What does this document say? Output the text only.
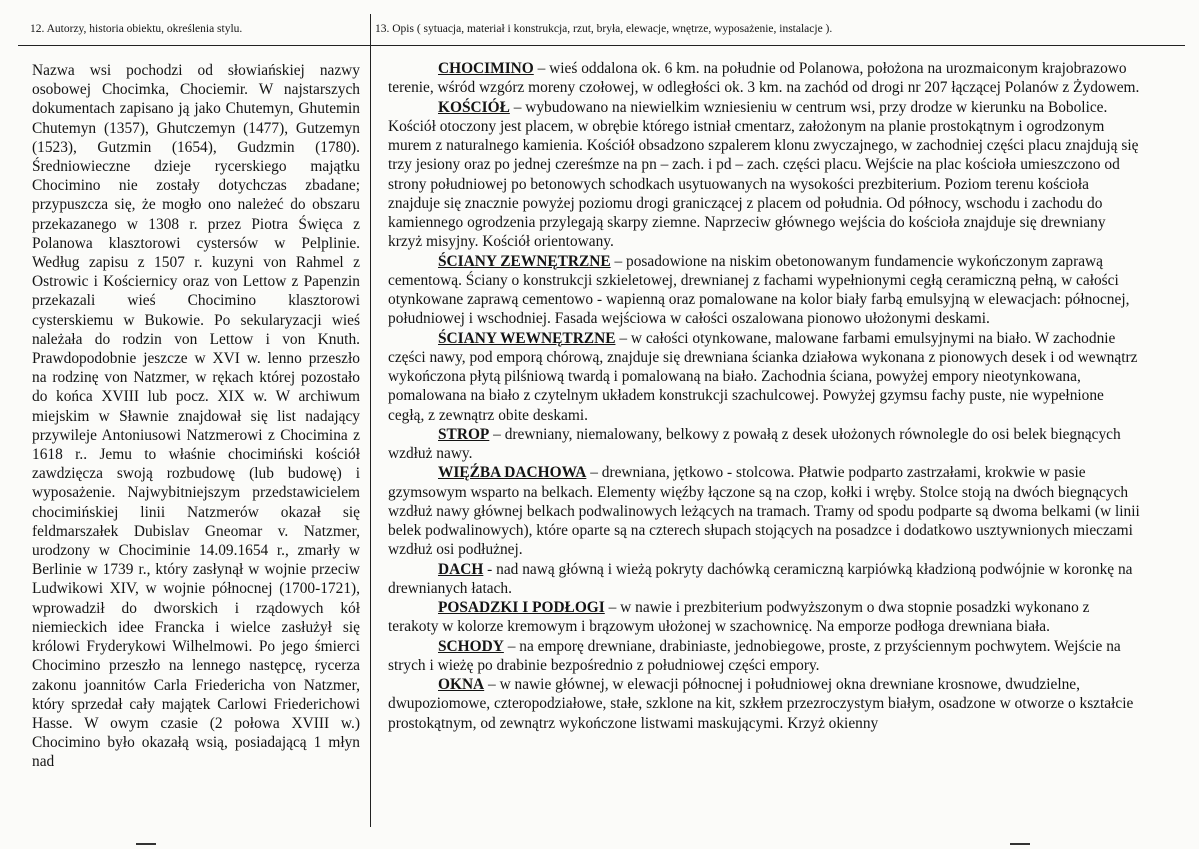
12. Autorzy, historia obiektu, określenia stylu.	13. Opis ( sytuacja, materiał i konstrukcja, rzut, bryła, elewacje, wnętrze, wyposażenie, instalacje ).

Nazwa wsi pochodzi od słowiańskiej nazwy osobowej Chocimka, Chociemir. W najstarszych dokumentach zapisano ją jako Chutemyn, Ghutemin Chutemyn (1357), Ghutczemyn (1477), Gutzemyn (1523), Gutzmin (1654), Gudzmin (1780). Średniowieczne dzieje rycerskiego majątku Chocimino nie zostały dotychczas zbadane; przypuszcza się, że mogło ono należeć do obszaru przekazanego w 1308 r. przez Piotra Święca z Polanowa klasztorowi cystersów w Pelplinie. Według zapisu z 1507 r. kuzyni von Rahmel z Ostrowic i Kościernicy oraz von Lettow z Papenzin przekazali wieś Chocimino klasztorowi cysterskiemu w Bukowie. Po sekularyzacji wieś należała do rodzin von Lettow i von Knuth. Prawdopodobnie jeszcze w XVI w. lenno przeszło na rodzinę von Natzmer, w rękach której pozostało do końca XVIII lub pocz. XIX w. W archiwum miejskim w Sławnie znajdował się list nadający przywileje Antoniusowi Natzmerowi z Chocimina z 1618 r.. Jemu to właśnie chocimiński kościół zawdzięcza swoją rozbudowę (lub budowę) i wyposażenie. Najwybitniejszym przedstawicielem chocimińskiej linii Natzmerów okazał się feldmarszałek Dubislav Gneomar v. Natzmer, urodzony w Chociminie 14.09.1654 r., zmarły w Berlinie w 1739 r., który zasłynął w wojnie przeciw Ludwikowi XIV, w wojnie północnej (1700-1721), wprowadził do dworskich i rządowych kół niemieckich idee Francka i wielce zasłużył się królowi Fryderykowi Wilhelmowi. Po jego śmierci Chocimino przeszło na lennego następcę, rycerza zakonu joannitów Carla Friedericha von Natzmer, który sprzedał cały majątek Carlowi Friederichowi Hasse. W owym czasie (2 połowa XVIII w.) Chocimino było okazałą wsią, posiadającą 1 młyn nad

CHOCIMINO – wieś oddalona ok. 6 km. na południe od Polanowa, położona na urozmaiconym krajobrazowo terenie, wśród wzgórz moreny czołowej, w odległości ok. 3 km. na zachód od drogi nr 207 łączącej Polanów z Żydowem.

KOŚCIÓŁ – wybudowano na niewielkim wzniesieniu w centrum wsi, przy drodze w kierunku na Bobolice. Kościół otoczony jest placem, w obrębie którego istniał cmentarz, założonym na planie prostokątnym i ogrodzonym murem z naturalnego kamienia. Kościół obsadzono szpalerem klonu zwyczajnego, w zachodniej części placu znajdują się trzy jesiony oraz po jednej czereśmze na pn – zach. i pd – zach. części placu. Wejście na plac kościoła umieszczono od strony południowej po betonowych schodkach usytuowanych na wysokości prezbiterium. Poziom terenu kościoła znajduje się znacznie powyżej poziomu drogi graniczącej z placem od południa. Od północy, wschodu i zachodu do kamiennego ogrodzenia przylegają skarpy ziemne. Naprzeciw głównego wejścia do kościoła znajduje się drewniany krzyż misyjny. Kościół orientowany.

ŚCIANY ZEWNĘTRZNE – posadowione na niskim obetonowanym fundamencie wykończonym zaprawą cementową. Ściany o konstrukcji szkieletowej, drewnianej z fachami wypełnionymi cegłą ceramiczną pełną, w całości otynkowane zaprawą cementowo - wapienną oraz pomalowane na kolor biały farbą emulsyjną w elewacjach: północnej, południowej i wschodniej. Fasada wejściowa w całości oszalowana pionowo ułożonymi deskami.

ŚCIANY WEWNĘTRZNE – w całości otynkowane, malowane farbami emulsyjnymi na biało. W zachodnie części nawy, pod emporą chórową, znajduje się drewniana ścianka działowa wykonana z pionowych desek i od wewnątrz wykończona płytą pilśniową twardą i pomalowaną na biało. Zachodnia ściana, powyżej empory nieotynkowana, pomalowana na biało z czytelnym układem konstrukcji szachulcowej. Powyżej gzymsu fachy puste, nie wypełnione cegłą, z zewnątrz obite deskami.

STROP – drewniany, niemalowany, belkowy z powałą z desek ułożonych równolegle do osi belek biegnących wzdłuż nawy.

WIĘŹBA DACHOWA – drewniana, jętkowo - stolcowa. Płatwie podparto zastrzałami, krokwie w pasie gzymsowym wsparto na belkach. Elementy więźby łączone są na czop, kołki i wręby. Stolce stoją na dwóch biegnących wzdłuż nawy głównej belkach podwalinowych leżących na tramach. Tramy od spodu podparte są dwoma belkami (w linii belek podwalinowych), które oparte są na czterech słupach stojących na posadzce i dodatkowo usztywnionych mieczami wzdłuż osi podłużnej.

DACH - nad nawą główną i wieżą pokryty dachówką ceramiczną karpiówką kładzioną podwójnie w koronkę na drewnianych łatach.

POSADZKI I PODŁOGI – w nawie i prezbiterium podwyższonym o dwa stopnie posadzki wykonano z terakoty w kolorze kremowym i brązowym ułożonej w szachownicę. Na emporze podłoga drewniana biała.

SCHODY – na emporę drewniane, drabiniaste, jednobiegowe, proste, z przyściennym pochwytem. Wejście na strych i wieżę po drabinie bezpośrednio z południowej części empory.

OKNA – w nawie głównej, w elewacji północnej i południowej okna drewniane krosnowe, dwudzielne, dwupoziomowe, czteropodziałowe, stałe, szklone na kit, szkłem przezroczystym białym, osadzone w otworze o kształcie prostokątnym, od zewnątrz wykończone listwami maskującymi. Krzyż okienny
